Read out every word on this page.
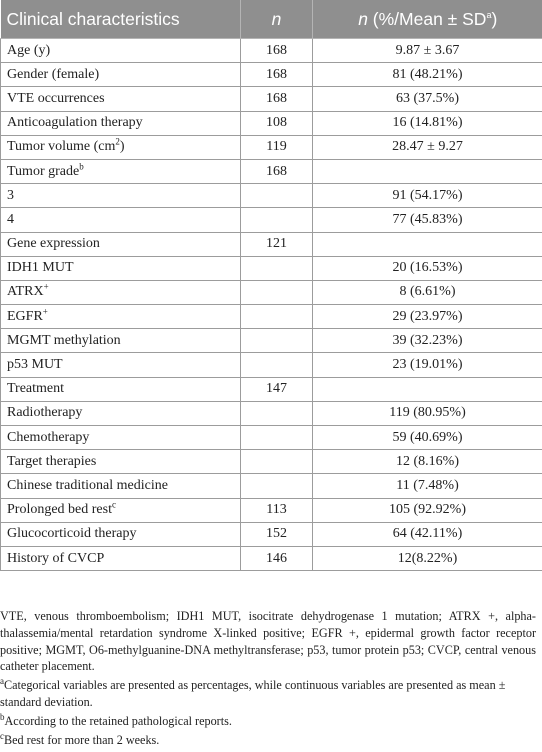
Clinical characteristics	n	n (%/Mean ± $SD^a$)
Age (y)	168	9.87 ± 3.67
Gender (female)	168	81 (48.21%)
VTE occurrences	168	63 (37.5%)
Anticoagulation therapy	108	16 (14.81%)
Tumor volume $(cm^2)$	119	28.47 ± 9.27
Tumor grade$^b$	168	
3		91 (54.17%)
4		77 (45.83%)
Gene expression	121	
IDH1 MUT		20 (16.53%)
ATRX+		8 (6.61%)
EGFR+		29 (23.97%)
MGMT methylation		39 (32.23%)
p53 MUT		23 (19.01%)
Treatment	147	
Radiotherapy		119 (80.95%)
Chemotherapy		59 (40.69%)
Target therapies		12 (8.16%)
Chinese traditional medicine		11 (7.48%)
Prolonged bed rest$^c$	113	105 (92.92%)
Glucocorticoid therapy	152	64 (42.11%)
History of CVCP	146	12(8.22%)

VTE, venous thromboembolism; IDH1 MUT, isocitrate dehydrogenase 1 mutation; ATRX +, alpha-thalassemia/mental retardation syndrome X-linked positive; EGFR +, epidermal growth factor receptor positive; MGMT, O6-methylguanine-DNA methyltransferase; p53, tumor protein p53; CVCP, central venous catheter placement.

$^a$Categorical variables are presented as percentages, while continuous variables are presented as mean ± standard deviation.

$^b$According to the retained pathological reports.

$^c$Bed rest for more than 2 weeks.
